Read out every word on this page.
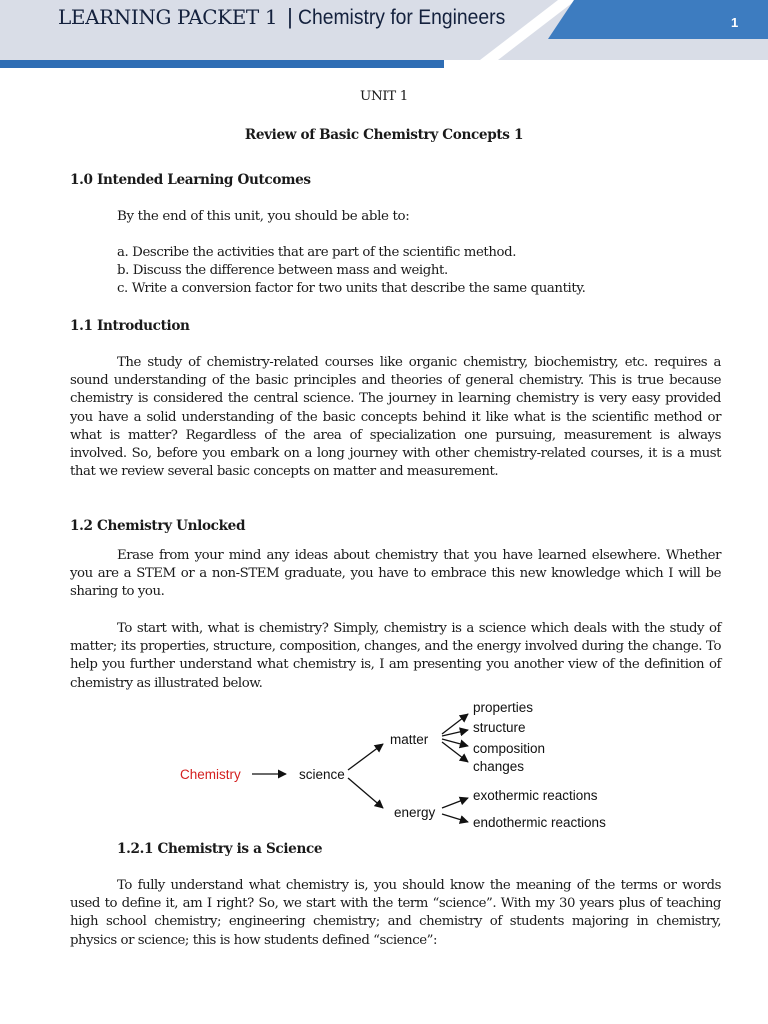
LEARNING PACKET 1 | Chemistry for Engineers	1
UNIT 1
Review of Basic Chemistry Concepts 1
1.0 Intended Learning Outcomes
By the end of this unit, you should be able to:
a. Describe the activities that are part of the scientific method.
b. Discuss the difference between mass and weight.
c. Write a conversion factor for two units that describe the same quantity.
1.1 Introduction

The study of chemistry-related courses like organic chemistry, biochemistry, etc. requires a sound understanding of the basic principles and theories of general chemistry. This is true because chemistry is considered the central science. The journey in learning chemistry is very easy provided you have a solid understanding of the basic concepts behind it like what is the scientific method or what is matter? Regardless of the area of specialization one pursuing, measurement is always involved. So, before you embark on a long journey with other chemistry-related courses, it is a must that we review several basic concepts on matter and measurement.

1.2 Chemistry Unlocked

Erase from your mind any ideas about chemistry that you have learned elsewhere. Whether you are a STEM or a non-STEM graduate, you have to embrace this new knowledge which I will be sharing to you.

To start with, what is chemistry? Simply, chemistry is a science which deals with the study of matter; its properties, structure, composition, changes, and the energy involved during the change. To help you further understand what chemistry is, I am presenting you another view of the definition of chemistry as illustrated below.

Chemistry	science
matter
energy
properties
structure
composition
changes
exothermic reactions
endothermic reactions
1.2.1 Chemistry is a Science

To fully understand what chemistry is, you should know the meaning of the terms or words used to define it, am I right? So, we start with the term “science”. With my 30 years plus of teaching high school chemistry; engineering chemistry; and chemistry of students majoring in chemistry, physics or science; this is how students defined “science”:
